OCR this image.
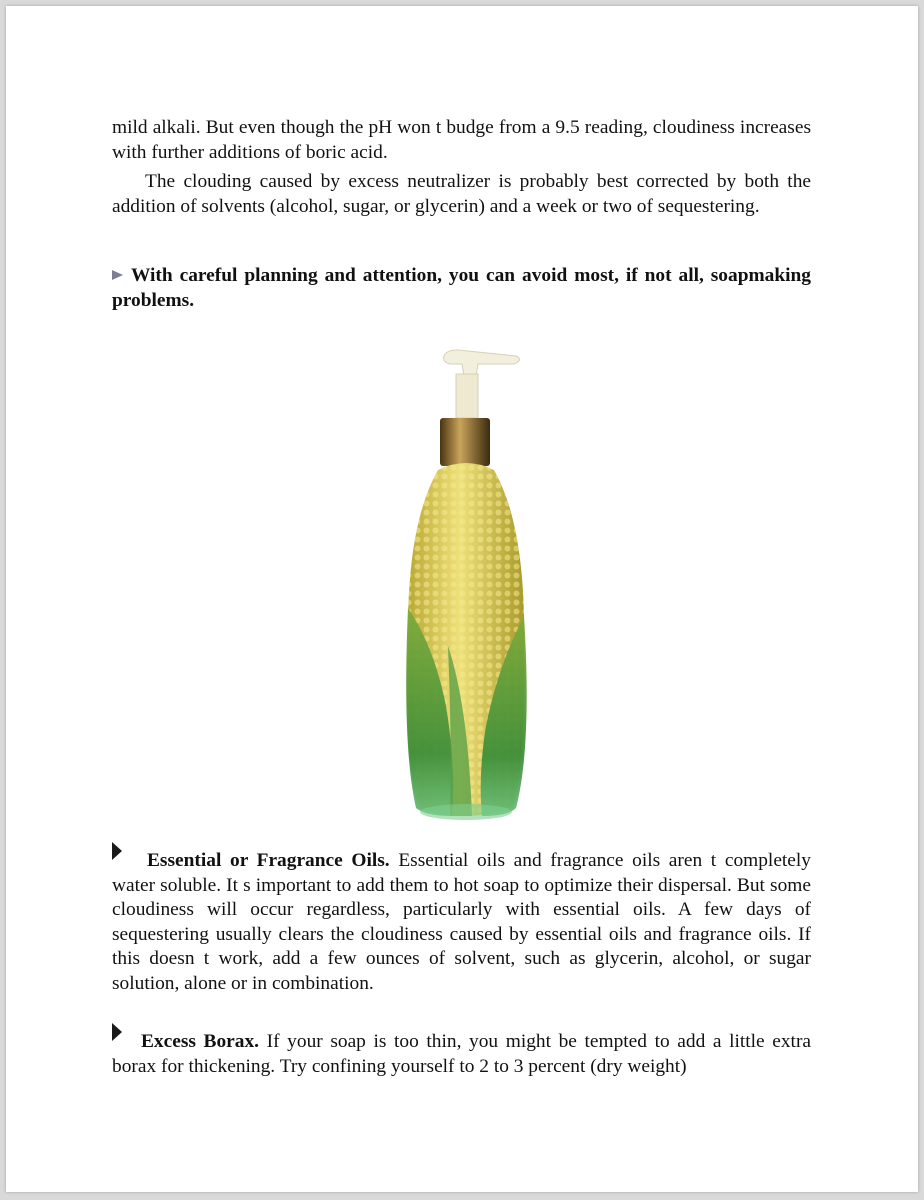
mild alkali. But even though the pH won t budge from a 9.5 reading, cloudiness increases with further additions of boric acid.

The clouding caused by excess neutralizer is probably best corrected by both the addition of solvents (alcohol, sugar, or glycerin) and a week or two of sequestering.

With careful planning and attention, you can avoid most, if not all, soapmaking problems.

Essential or Fragrance Oils. Essential oils and fragrance oils aren t completely water soluble. It s important to add them to hot soap to optimize their dispersal. But some cloudiness will occur regardless, particularly with essential oils. A few days of sequestering usually clears the cloudiness caused by essential oils and fragrance oils. If this doesn t work, add a few ounces of solvent, such as glycerin, alcohol, or sugar solution, alone or in combination.

Excess Borax. If your soap is too thin, you might be tempted to add a little extra borax for thickening. Try confining yourself to 2 to 3 percent (dry weight)
